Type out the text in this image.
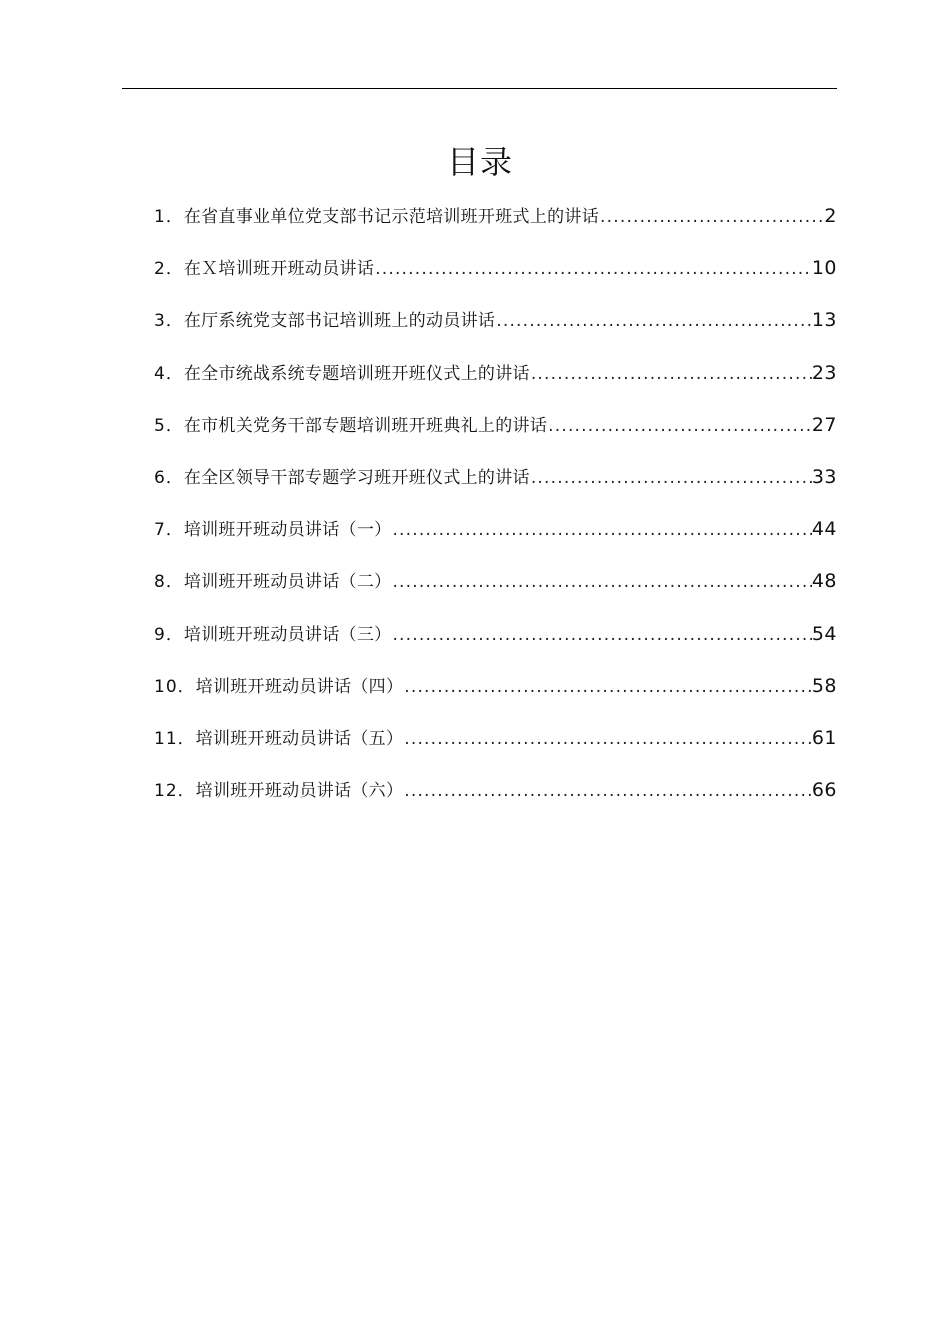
目录
1． 在省直事业单位党支部书记示范培训班开班式上的讲话 .....	2
2． 在Ｘ培训班开班动员讲话 .....	10
3． 在厅系统党支部书记培训班上的动员讲话 .....	13
4． 在全市统战系统专题培训班开班仪式上的讲话 .....	23
5． 在市机关党务干部专题培训班开班典礼上的讲话 .....	27
6． 在全区领导干部专题学习班开班仪式上的讲话 .....	33
7． 培训班开班动员讲话（一） .....	44
8． 培训班开班动员讲话（二） .....	48
9． 培训班开班动员讲话（三） .....	54
10． 培训班开班动员讲话（四） .....	58
11． 培训班开班动员讲话（五） .....	61
12． 培训班开班动员讲话（六） .....	66
